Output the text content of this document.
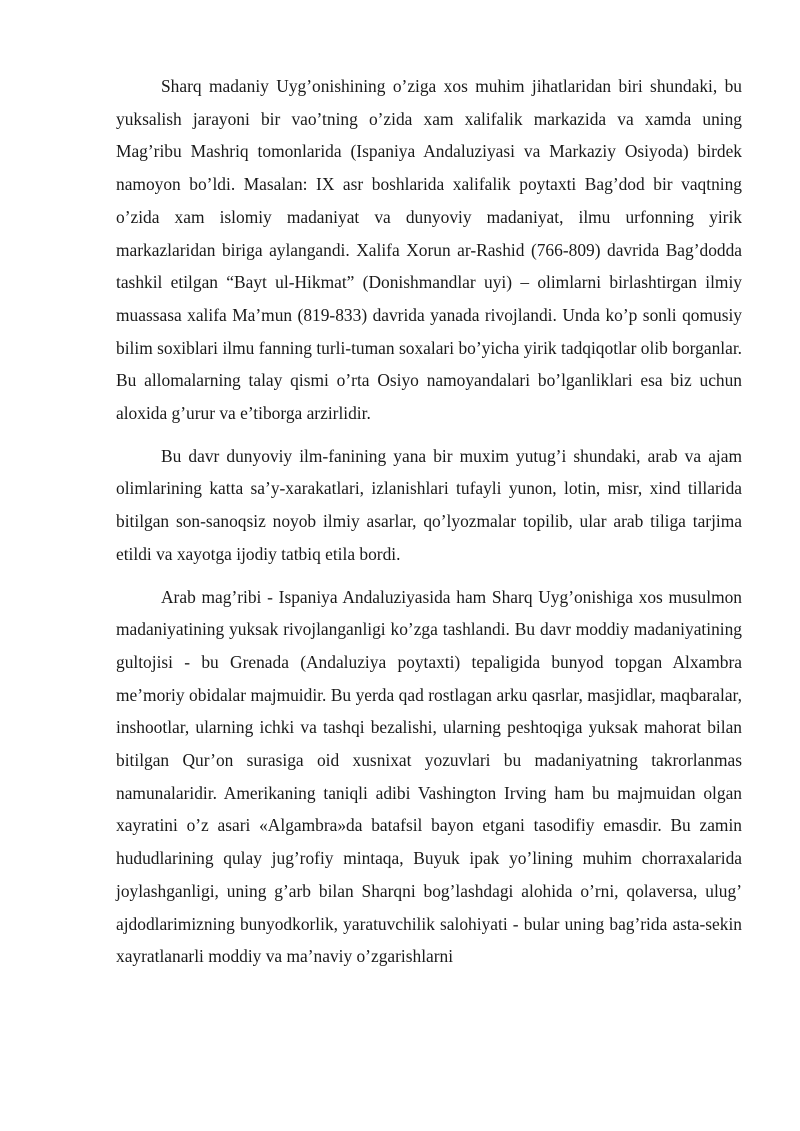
Sharq madaniy Uyg’onishining o’ziga xos muhim jihatlaridan biri shundaki, bu yuksalish jarayoni bir vao’tning o’zida xam xalifalik markazida va xamda uning Mag’ribu Mashriq tomonlarida (Ispaniya Andaluziyasi va Markaziy Osiyoda) birdek namoyon bo’ldi. Masalan: IX asr boshlarida xalifalik poytaxti Bag’dod bir vaqtning o’zida xam islomiy madaniyat va dunyoviy madaniyat, ilmu urfonning yirik markazlaridan biriga aylangandi. Xalifa Xorun ar-Rashid (766-809) davrida Bag’dodda tashkil etilgan “Bayt ul-Hikmat” (Donishmandlar uyi) – olimlarni birlashtirgan ilmiy muassasa xalifa Ma’mun (819-833) davrida yanada rivojlandi. Unda ko’p sonli qomusiy bilim soxiblari ilmu fanning turli-tuman soxalari bo’yicha yirik tadqiqotlar olib borganlar. Bu allomalarning talay qismi o’rta Osiyo namoyandalari bo’lganliklari esa biz uchun aloxida g’urur va e’tiborga arzirlidir.

Bu davr dunyoviy ilm-fanining yana bir muxim yutug’i shundaki, arab va ajam olimlarining katta sa’y-xarakatlari, izlanishlari tufayli yunon, lotin, misr, xind tillarida bitilgan son-sanoqsiz noyob ilmiy asarlar, qo’lyozmalar topilib, ular arab tiliga tarjima etildi va xayotga ijodiy tatbiq etila bordi.

Arab mag’ribi - Ispaniya Andaluziyasida ham Sharq Uyg’onishiga xos musulmon madaniyatining yuksak rivojlanganligi ko’zga tashlandi. Bu davr moddiy madaniyatining gultojisi - bu Grenada (Andaluziya poytaxti) tepaligida bunyod topgan Alxambra me’moriy obidalar majmuidir. Bu yerda qad rostlagan arku qasrlar, masjidlar, maqbaralar, inshootlar, ularning ichki va tashqi bezalishi, ularning peshtoqiga yuksak mahorat bilan bitilgan Qur’on surasiga oid xusnixat yozuvlari bu madaniyatning takrorlanmas namunalaridir. Amerikaning taniqli adibi Vashington Irving ham bu majmuidan olgan xayratini o’z asari «Algambra»da batafsil bayon etgani tasodifiy emasdir. Bu zamin hududlarining qulay jug’rofiy mintaqa, Buyuk ipak yo’lining muhim chorraxalarida joylashganligi, uning g’arb bilan Sharqni bog’lashdagi alohida o’rni, qolaversa, ulug’ ajdodlarimizning bunyodkorlik, yaratuvchilik salohiyati - bular uning bag’rida asta-sekin xayratlanarli moddiy va ma’naviy o’zgarishlarni
